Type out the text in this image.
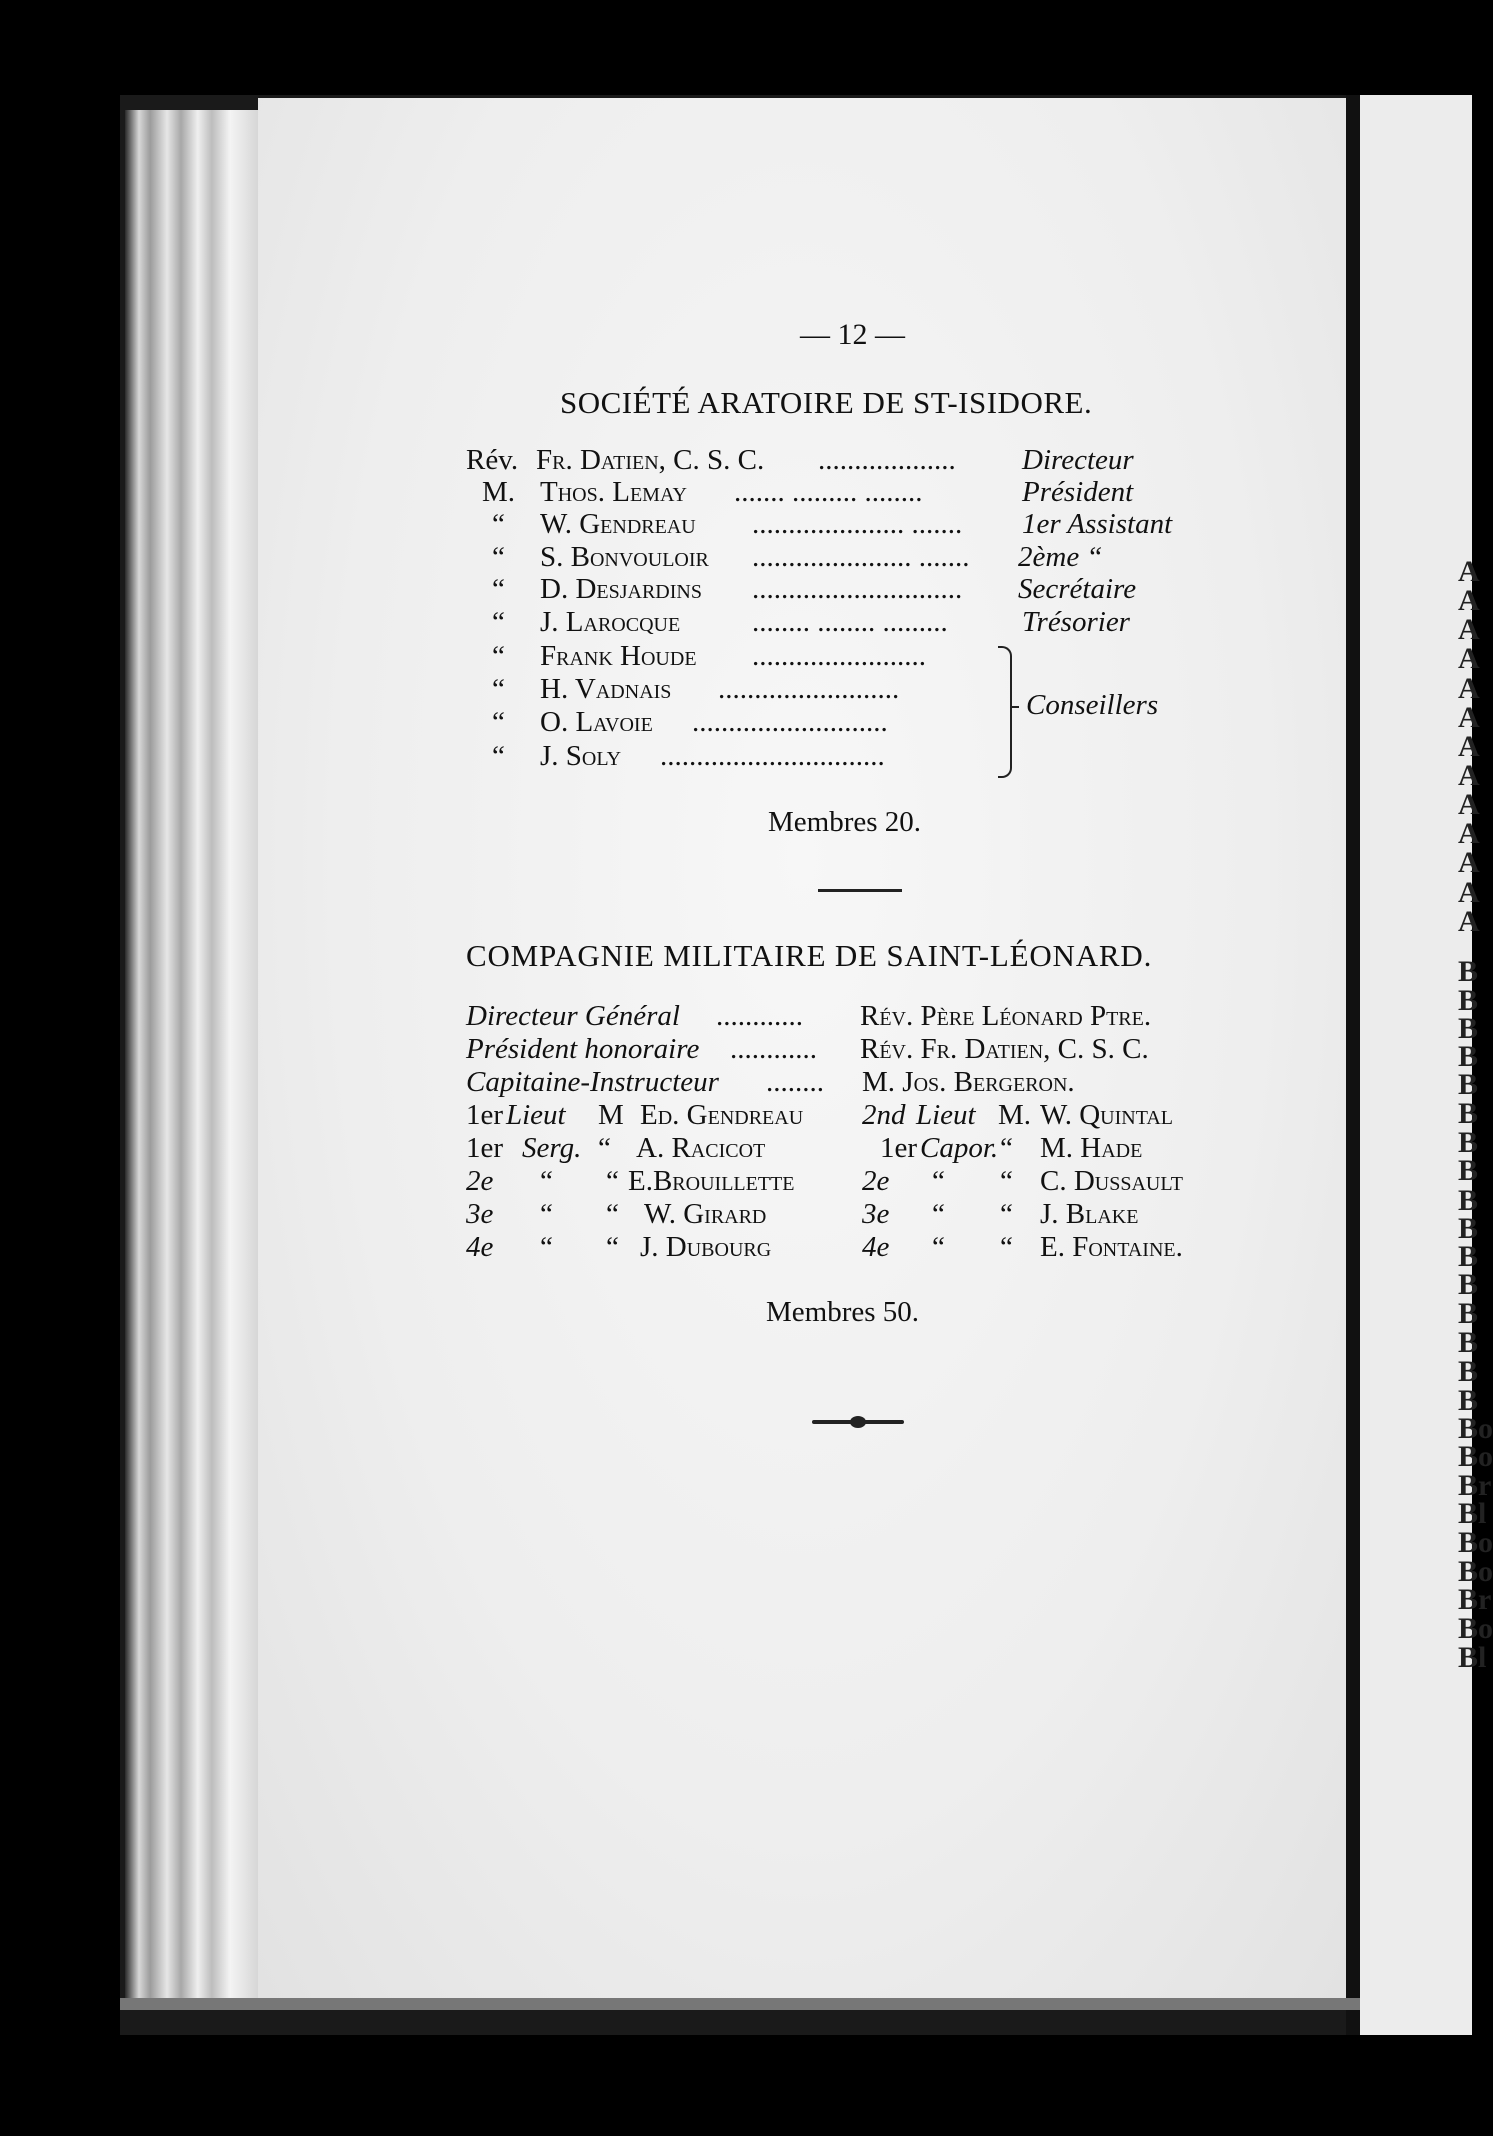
A
A
A
A
A
A
A
A
A
A
A
A
A
B
B
B
B
B
B
B
B
B
B
B
B
B
B
B
B
Bo
Bo
Br
Bl
Bo
Bo
Br
Bo
Bl
— 12 —
SOCIÉTÉ ARATOIRE DE ST-ISIDORE.
Rév. Fr. Datien, C. S. C. ................... Directeur
M. Thos. Lemay ....... ......... ........	Président
“ W. Gendreau ..................... ....... 1er Assistant
“ S. Bonvouloir ...................... ....... 2ème “
“ D. Desjardins ............................. Secrétaire
“ J. Larocque ........ ........ .........	Trésorier
“ Frank Houde ........................
“ H. Vadnais .........................
“ O. Lavoie ...........................
“ J. Soly ...............................
Conseillers
Membres 20.
COMPAGNIE MILITAIRE DE SAINT-LÉONARD.
Directeur Général ............ Rév. Père Léonard Ptre.
Président honoraire ............ Rév. Fr. Datien, C. S. C.
Capitaine-Instructeur ........ M. Jos. Bergeron.
1er Lieut M Ed. Gendreau 2nd Lieut M. W. Quintal
1er Serg. “ A. Racicot	1er Capor. “ M. Hade
2e “ “ E.Brouillette 2e “ “ C. Dussault
3e “ “ W. Girard	3e “ “ J. Blake
4e “ “ J. Dubourg	4e “ “ E. Fontaine.
Membres 50.
